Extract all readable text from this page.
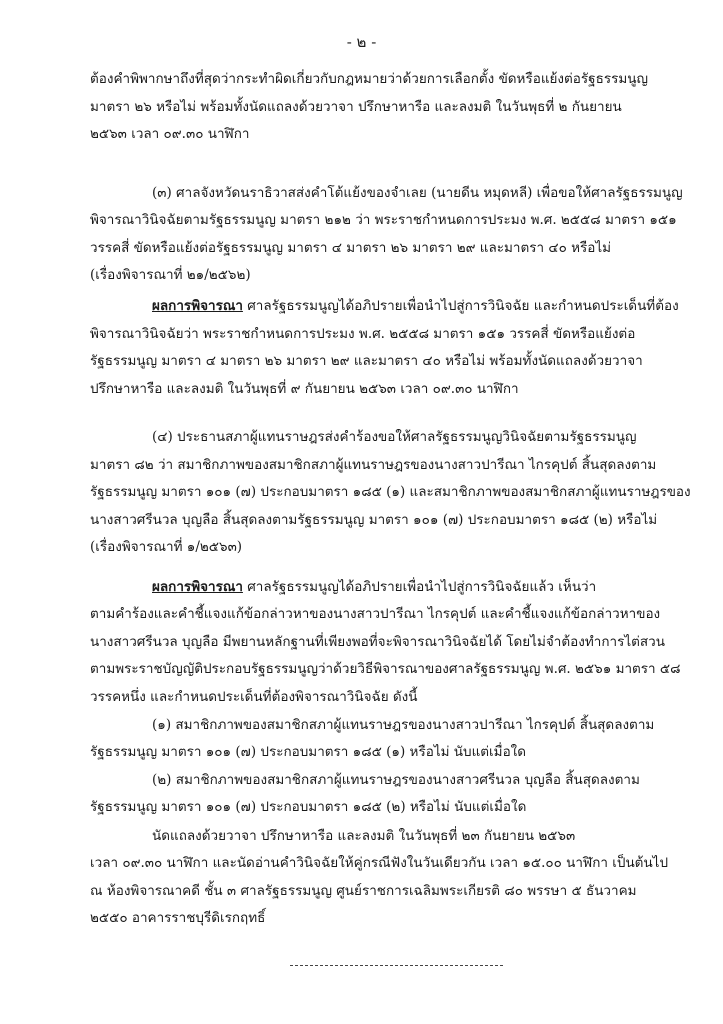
- ๒ -
ต้องคำพิพากษาถึงที่สุดว่ากระทำผิดเกี่ยวกับกฎหมายว่าด้วยการเลือกตั้ง ขัดหรือแย้งต่อรัฐธรรมนูญ
มาตรา ๒๖ หรือไม่ พร้อมทั้งนัดแถลงด้วยวาจา ปรึกษาหารือ และลงมติ ในวันพุธที่ ๒ กันยายน
๒๕๖๓ เวลา ๐๙.๓๐ นาฬิกา
(๓) ศาลจังหวัดนราธิวาสส่งคำโต้แย้งของจำเลย (นายดีน หมุดหลี) เพื่อขอให้ศาลรัฐธรรมนูญ
พิจารณาวินิจฉัยตามรัฐธรรมนูญ มาตรา ๒๑๒ ว่า พระราชกำหนดการประมง พ.ศ. ๒๕๕๘ มาตรา ๑๕๑
วรรคสี่ ขัดหรือแย้งต่อรัฐธรรมนูญ มาตรา ๔ มาตรา ๒๖ มาตรา ๒๙ และมาตรา ๔๐ หรือไม่
(เรื่องพิจารณาที่ ๒๑/๒๕๖๒)
ผลการพิจารณา ศาลรัฐธรรมนูญได้อภิปรายเพื่อนำไปสู่การวินิจฉัย และกำหนดประเด็นที่ต้อง
พิจารณาวินิจฉัยว่า พระราชกำหนดการประมง พ.ศ. ๒๕๕๘ มาตรา ๑๕๑ วรรคสี่ ขัดหรือแย้งต่อ
รัฐธรรมนูญ มาตรา ๔ มาตรา ๒๖ มาตรา ๒๙ และมาตรา ๔๐ หรือไม่ พร้อมทั้งนัดแถลงด้วยวาจา
ปรึกษาหารือ และลงมติ ในวันพุธที่ ๙ กันยายน ๒๕๖๓ เวลา ๐๙.๓๐ นาฬิกา
(๔) ประธานสภาผู้แทนราษฎรส่งคำร้องขอให้ศาลรัฐธรรมนูญวินิจฉัยตามรัฐธรรมนูญ
มาตรา ๘๒ ว่า สมาชิกภาพของสมาชิกสภาผู้แทนราษฎรของนางสาวปารีณา ไกรคุปต์ สิ้นสุดลงตาม
รัฐธรรมนูญ มาตรา ๑๐๑ (๗) ประกอบมาตรา ๑๘๕ (๑) และสมาชิกภาพของสมาชิกสภาผู้แทนราษฎรของ
นางสาวศรีนวล บุญลือ สิ้นสุดลงตามรัฐธรรมนูญ มาตรา ๑๐๑ (๗) ประกอบมาตรา ๑๘๕ (๒) หรือไม่
(เรื่องพิจารณาที่ ๑/๒๕๖๓)
ผลการพิจารณา ศาลรัฐธรรมนูญได้อภิปรายเพื่อนำไปสู่การวินิจฉัยแล้ว เห็นว่า
ตามคำร้องและคำชี้แจงแก้ข้อกล่าวหาของนางสาวปารีณา ไกรคุปต์ และคำชี้แจงแก้ข้อกล่าวหาของ
นางสาวศรีนวล บุญลือ มีพยานหลักฐานที่เพียงพอที่จะพิจารณาวินิจฉัยได้ โดยไม่จำต้องทำการไต่สวน
ตามพระราชบัญญัติประกอบรัฐธรรมนูญว่าด้วยวิธีพิจารณาของศาลรัฐธรรมนูญ พ.ศ. ๒๕๖๑ มาตรา ๕๘
วรรคหนึ่ง และกำหนดประเด็นที่ต้องพิจารณาวินิจฉัย ดังนี้
(๑) สมาชิกภาพของสมาชิกสภาผู้แทนราษฎรของนางสาวปารีณา ไกรคุปต์ สิ้นสุดลงตาม
รัฐธรรมนูญ มาตรา ๑๐๑ (๗) ประกอบมาตรา ๑๘๕ (๑) หรือไม่ นับแต่เมื่อใด
(๒) สมาชิกภาพของสมาชิกสภาผู้แทนราษฎรของนางสาวศรีนวล บุญลือ สิ้นสุดลงตาม
รัฐธรรมนูญ มาตรา ๑๐๑ (๗) ประกอบมาตรา ๑๘๕ (๒) หรือไม่ นับแต่เมื่อใด
นัดแถลงด้วยวาจา ปรึกษาหารือ และลงมติ ในวันพุธที่ ๒๓ กันยายน ๒๕๖๓
เวลา ๐๙.๓๐ นาฬิกา และนัดอ่านคำวินิจฉัยให้คู่กรณีฟังในวันเดียวกัน เวลา ๑๕.๐๐ นาฬิกา เป็นต้นไป
ณ ห้องพิจารณาคดี ชั้น ๓ ศาลรัฐธรรมนูญ ศูนย์ราชการเฉลิมพระเกียรติ ๘๐ พรรษา ๕ ธันวาคม
๒๕๕๐ อาคารราชบุรีดิเรกฤทธิ์
